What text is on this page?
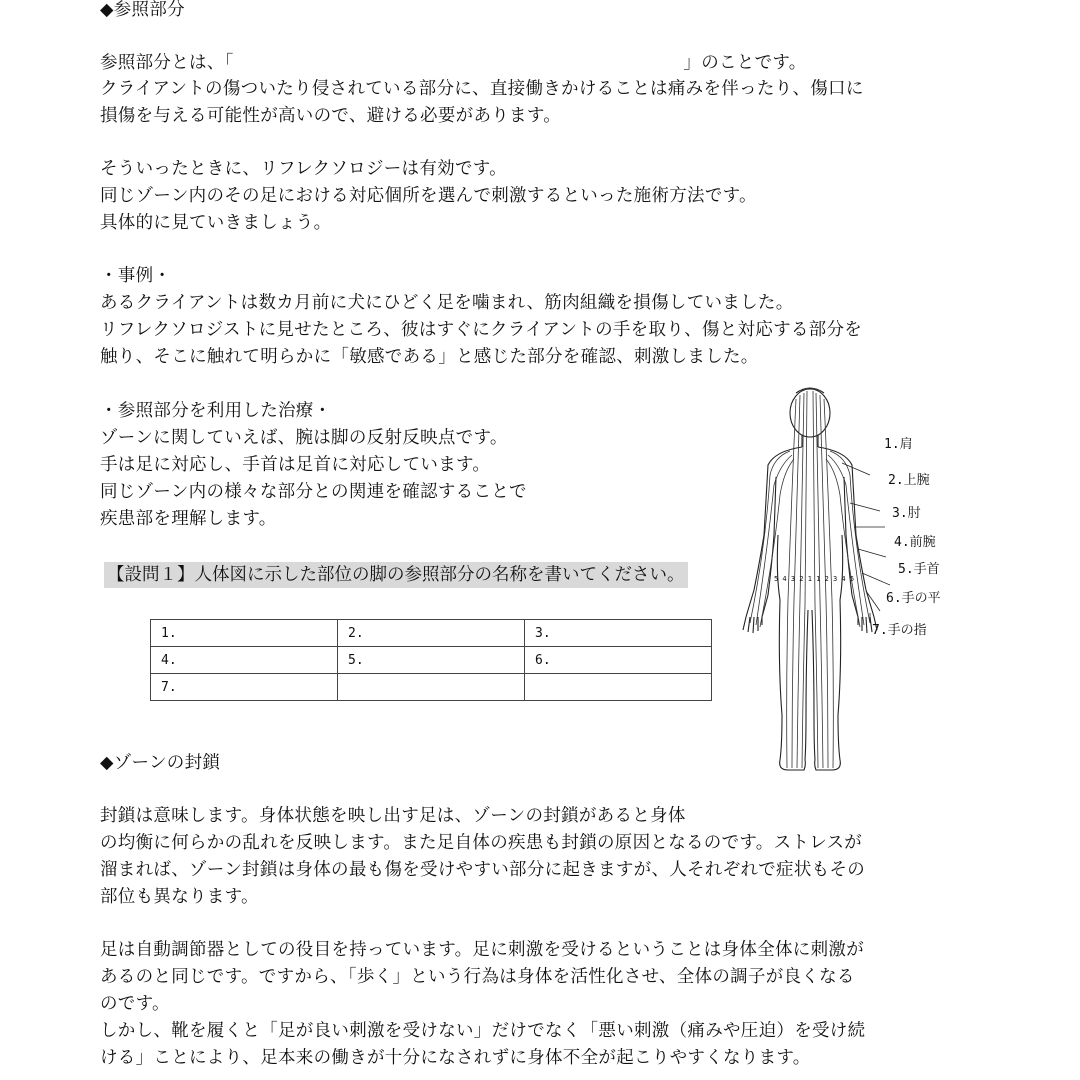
◆参照部分
参照部分とは、「	」のことです。
クライアントの傷ついたり侵されている部分に、直接働きかけることは痛みを伴ったり、傷口に
損傷を与える可能性が高いので、避ける必要があります。
そういったときに、リフレクソロジーは有効です。
同じゾーン内のその足における対応個所を選んで刺激するといった施術方法です。
具体的に見ていきましょう。
・事例・
あるクライアントは数カ月前に犬にひどく足を噛まれ、筋肉組織を損傷していました。
リフレクソロジストに見せたところ、彼はすぐにクライアントの手を取り、傷と対応する部分を
触り、そこに触れて明らかに「敏感である」と感じた部分を確認、刺激しました。
・参照部分を利用した治療・
ゾーンに関していえば、腕は脚の反射反映点です。
手は足に対応し、手首は足首に対応しています。
同じゾーン内の様々な部分との関連を確認することで
疾患部を理解します。
【設問１】人体図に示した部位の脚の参照部分の名称を書いてください。
1.	2.	3.
4.	5.	6.
7.		
5 4 3 2 1 1 2 3 4 5
1.肩
2.上腕
3.肘
4.前腕
5.手首
6.手の平
7.手の指
◆ゾーンの封鎖
封鎖は意味します。身体状態を映し出す足は、ゾーンの封鎖があると身体
の均衡に何らかの乱れを反映します。また足自体の疾患も封鎖の原因となるのです。ストレスが
溜まれば、ゾーン封鎖は身体の最も傷を受けやすい部分に起きますが、人それぞれで症状もその
部位も異なります。
足は自動調節器としての役目を持っています。足に刺激を受けるということは身体全体に刺激が
あるのと同じです。ですから、「歩く」という行為は身体を活性化させ、全体の調子が良くなる
のです。
しかし、靴を履くと「足が良い刺激を受けない」だけでなく「悪い刺激（痛みや圧迫）を受け続
ける」ことにより、足本来の働きが十分になされずに身体不全が起こりやすくなります。
